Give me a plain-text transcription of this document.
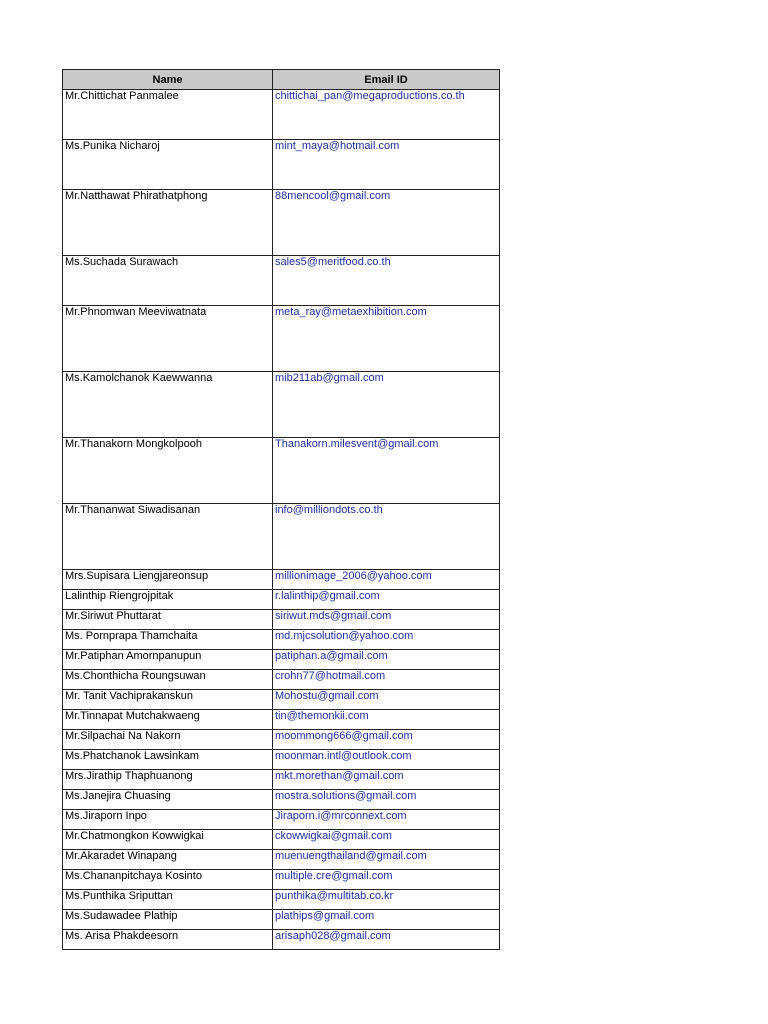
Name	Email ID
Mr.Chittichat Panmalee	chittichai_pan@megaproductions.co.th
Ms.Punika Nicharoj	mint_maya@hotmail.com
Mr.Natthawat Phirathatphong	88mencool@gmail.com
Ms.Suchada Surawach	sales5@meritfood.co.th
Mr.Phnomwan Meeviwatnata	meta_ray@metaexhibition.com
Ms.Kamolchanok Kaewwanna	mib211ab@gmail.com
Mr.Thanakorn Mongkolpooh	Thanakorn.milesvent@gmail.com
Mr.Thananwat Siwadisanan	info@milliondots.co.th
Mrs.Supisara Liengjareonsup	millionimage_2006@yahoo.com
Lalinthip Riengrojpitak	r.lalinthip@gmail.com
Mr.Siriwut Phuttarat	siriwut.mds@gmail.com
Ms. Pornprapa Thamchaita	md.mjcsolution@yahoo.com
Mr.Patiphan Amornpanupun	patiphan.a@gmail.com
Ms.Chonthicha Roungsuwan	crohn77@hotmail.com
Mr. Tanit Vachiprakanskun	Mohostu@gmail.com
Mr.Tinnapat Mutchakwaeng	tin@themonkii.com
Mr.Silpachai Na Nakorn	moommong666@gmail.com
Ms.Phatchanok Lawsinkam	moonman.intl@outlook.com
Mrs.Jirathip Thaphuanong	mkt.morethan@gmail.com
Ms.Janejira Chuasing	mostra.solutions@gmail.com
Ms.Jiraporn Inpo	Jiraporn.i@mrconnext.com
Mr.Chatmongkon Kowwigkai	ckowwigkai@gmail.com
Mr.Akaradet Winapang	muenuengthailand@gmail.com
Ms.Chananpitchaya Kosinto	multiple.cre@gmail.com
Ms.Punthika Sriputtan	punthika@multitab.co.kr
Ms.Sudawadee Plathip	plathips@gmail.com
Ms. Arisa Phakdeesorn	arisaph028@gmail.com
